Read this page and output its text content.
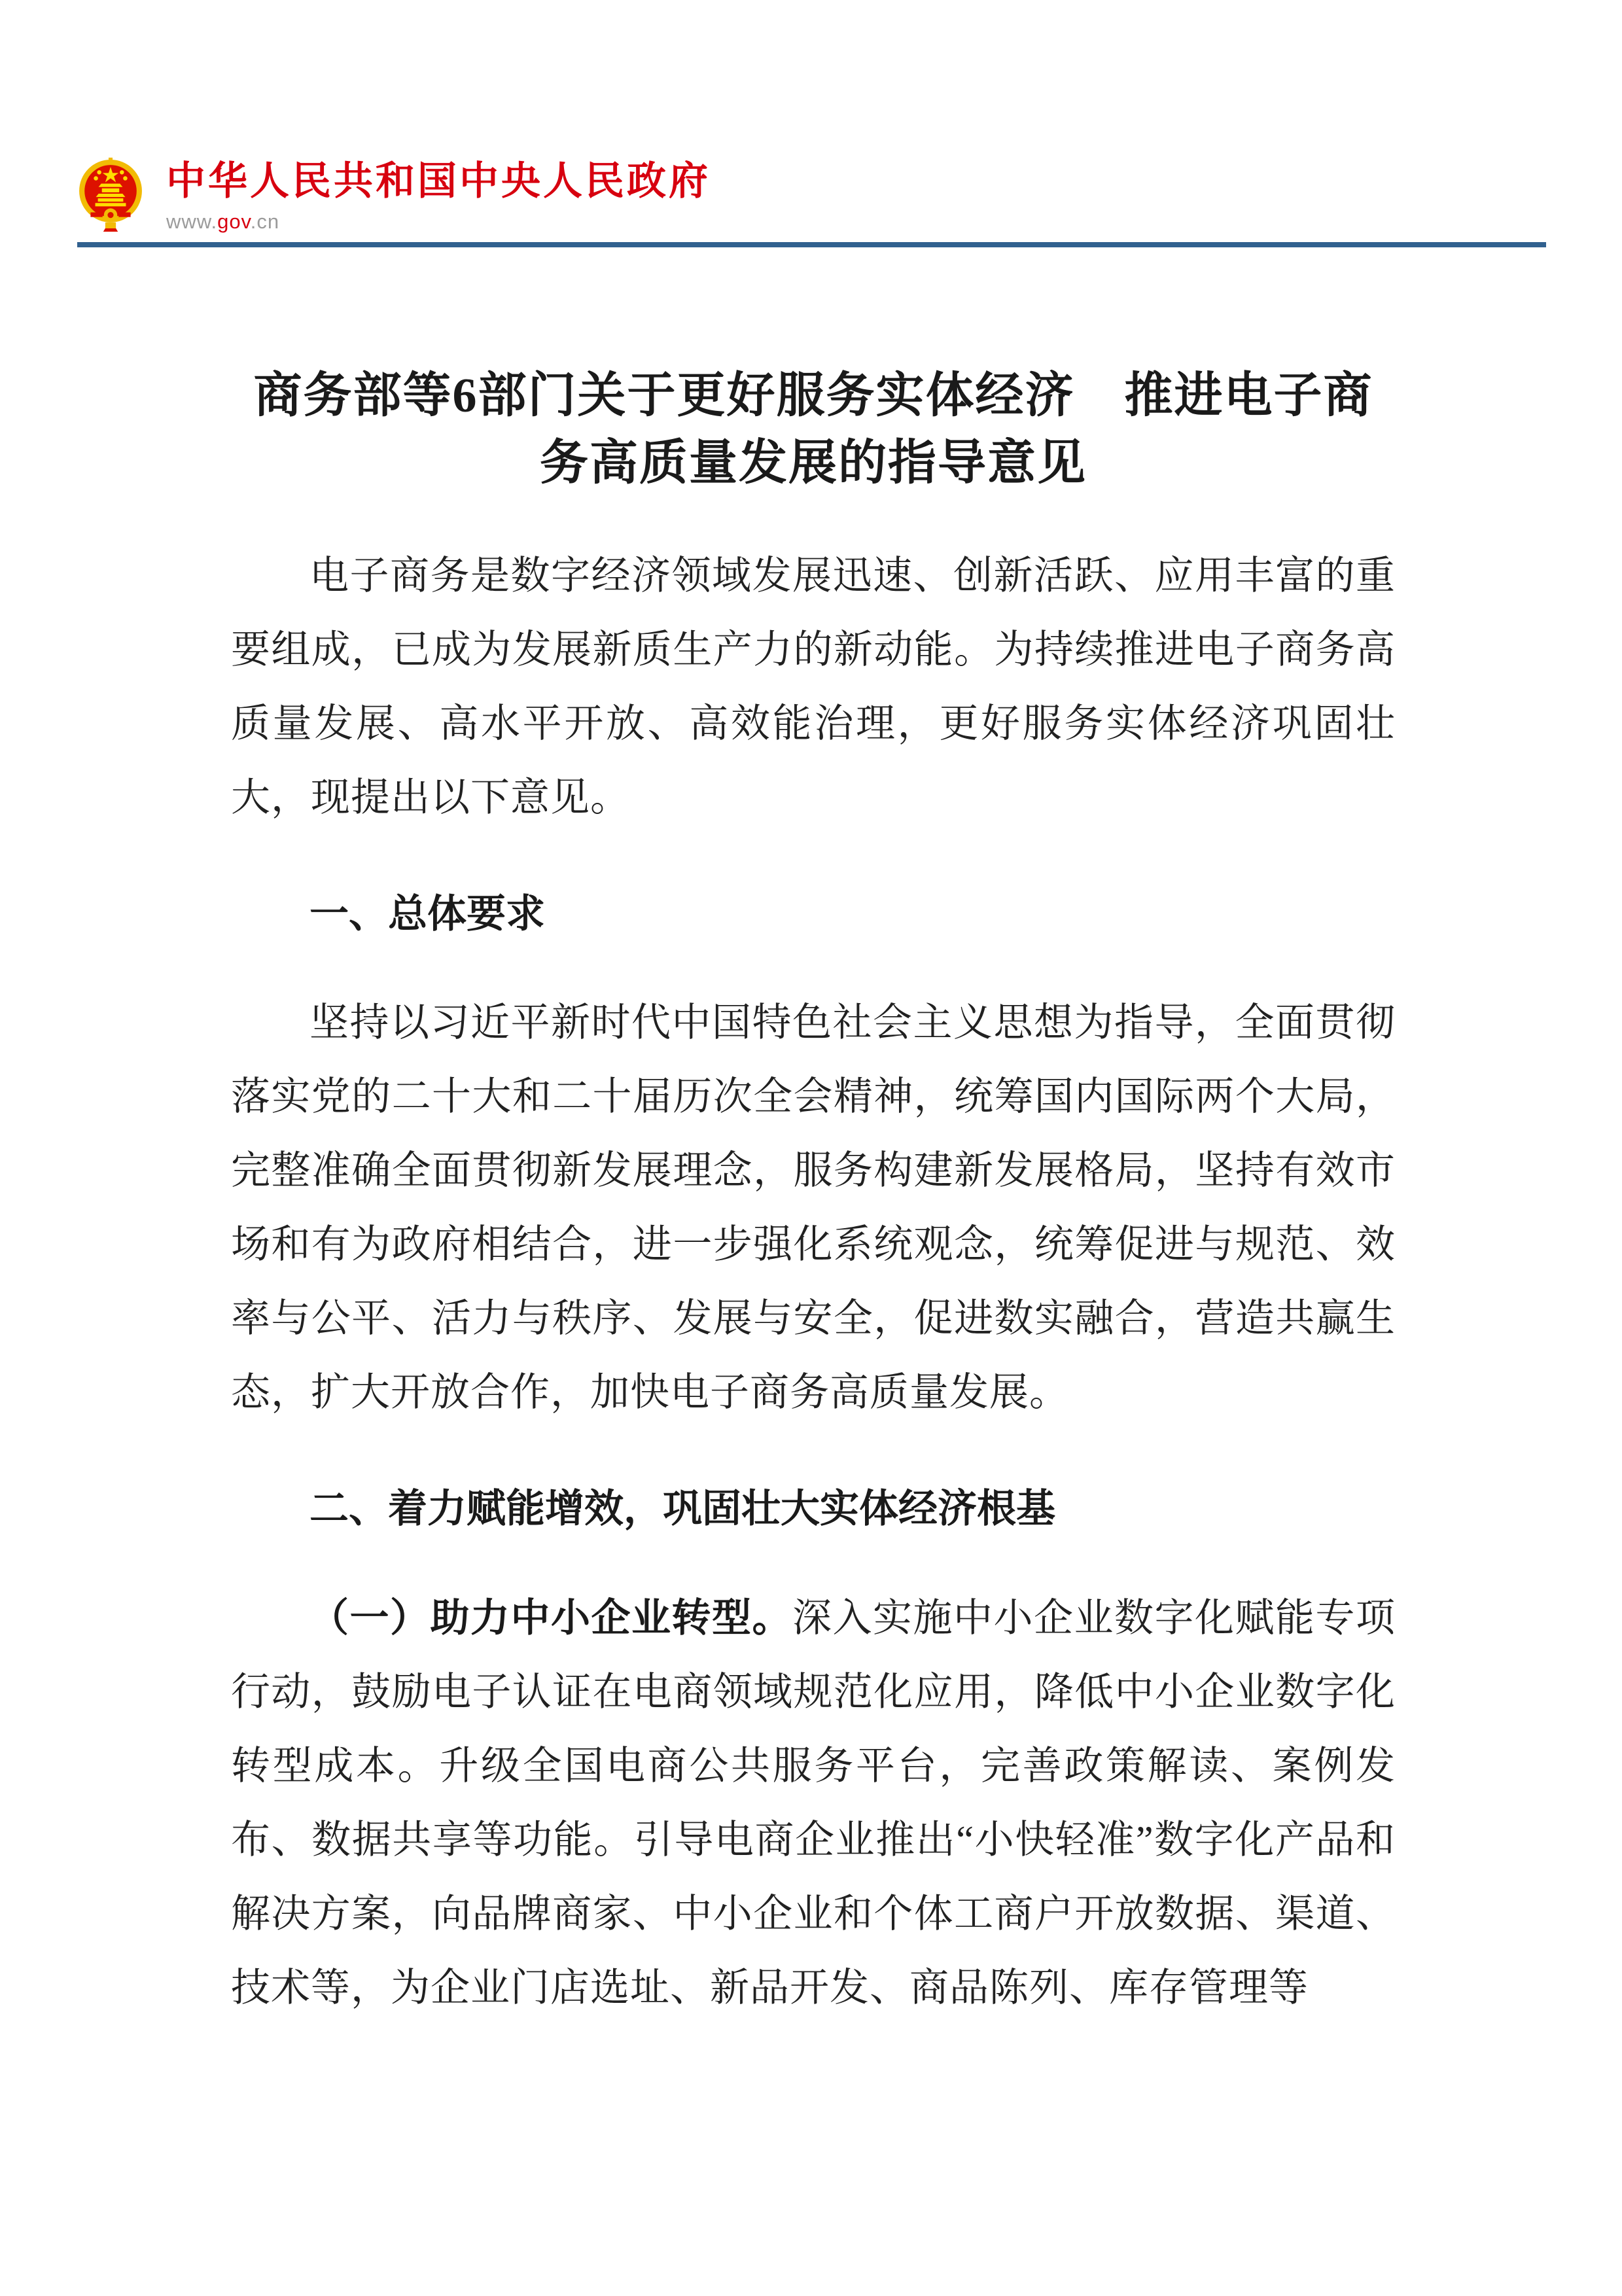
中华人民共和国中央人民政府
www.gov.cn
商务部等6部门关于更好服务实体经济　推进电子商务高质量发展的指导意见

电子商务是数字经济领域发展迅速、创新活跃、应用丰富的重要组成，已成为发展新质生产力的新动能。为持续推进电子商务高质量发展、高水平开放、高效能治理，更好服务实体经济巩固壮大，现提出以下意见。

一、总体要求

坚持以习近平新时代中国特色社会主义思想为指导，全面贯彻落实党的二十大和二十届历次全会精神，统筹国内国际两个大局，完整准确全面贯彻新发展理念，服务构建新发展格局，坚持有效市场和有为政府相结合，进一步强化系统观念，统筹促进与规范、效率与公平、活力与秩序、发展与安全，促进数实融合，营造共赢生态，扩大开放合作，加快电子商务高质量发展。

二、着力赋能增效，巩固壮大实体经济根基

（一）助力中小企业转型。深入实施中小企业数字化赋能专项行动，鼓励电子认证在电商领域规范化应用，降低中小企业数字化转型成本。升级全国电商公共服务平台，完善政策解读、案例发布、数据共享等功能。引导电商企业推出“小快轻准”数字化产品和解决方案，向品牌商家、中小企业和个体工商户开放数据、渠道、技术等，为企业门店选址、新品开发、商品陈列、库存管理等
